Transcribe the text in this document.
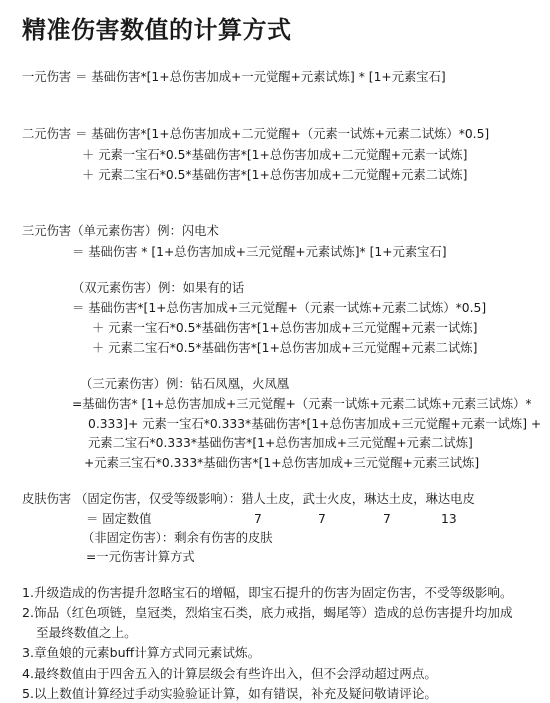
精准伤害数值的计算方式
一元伤害 ＝ 基础伤害*[1+总伤害加成+一元觉醒+元素试炼] * [1+元素宝石]
二元伤害 ＝ 基础伤害*[1+总伤害加成+二元觉醒+（元素一试炼+元素二试炼）*0.5]
＋ 元素一宝石*0.5*基础伤害*[1+总伤害加成+二元觉醒+元素一试炼]
＋ 元素二宝石*0.5*基础伤害*[1+总伤害加成+二元觉醒+元素二试炼]
三元伤害（单元素伤害）例：闪电术
＝ 基础伤害 * [1+总伤害加成+三元觉醒+元素试炼]* [1+元素宝石]
（双元素伤害）例：如果有的话
＝ 基础伤害*[1+总伤害加成+三元觉醒+（元素一试炼+元素二试炼）*0.5]
＋ 元素一宝石*0.5*基础伤害*[1+总伤害加成+三元觉醒+元素一试炼]
＋ 元素二宝石*0.5*基础伤害*[1+总伤害加成+三元觉醒+元素二试炼]
（三元素伤害）例：钻石凤凰，火凤凰
=基础伤害* [1+总伤害加成+三元觉醒+（元素一试炼+元素二试炼+元素三试炼）*
0.333]+ 元素一宝石*0.333*基础伤害*[1+总伤害加成+三元觉醒+元素一试炼] +
元素二宝石*0.333*基础伤害*[1+总伤害加成+三元觉醒+元素二试炼]
+元素三宝石*0.333*基础伤害*[1+总伤害加成+三元觉醒+元素三试炼]
皮肤伤害 （固定伤害，仅受等级影响）：猎人土皮，武士火皮，琳达土皮，琳达电皮
＝ 固定数值	7	7	7	13
（非固定伤害）：剩余有伤害的皮肤
=一元伤害计算方式
1.升级造成的伤害提升忽略宝石的增幅，即宝石提升的伤害为固定伤害，不受等级影响。
2.饰品（红色项链，皇冠类，烈焰宝石类，底力戒指，蝎尾等）造成的总伤害提升均加成
至最终数值之上。
3.章鱼娘的元素buff计算方式同元素试炼。
4.最终数值由于四舍五入的计算层级会有些许出入，但不会浮动超过两点。
5.以上数值计算经过手动实验验证计算，如有错误，补充及疑问敬请评论。
